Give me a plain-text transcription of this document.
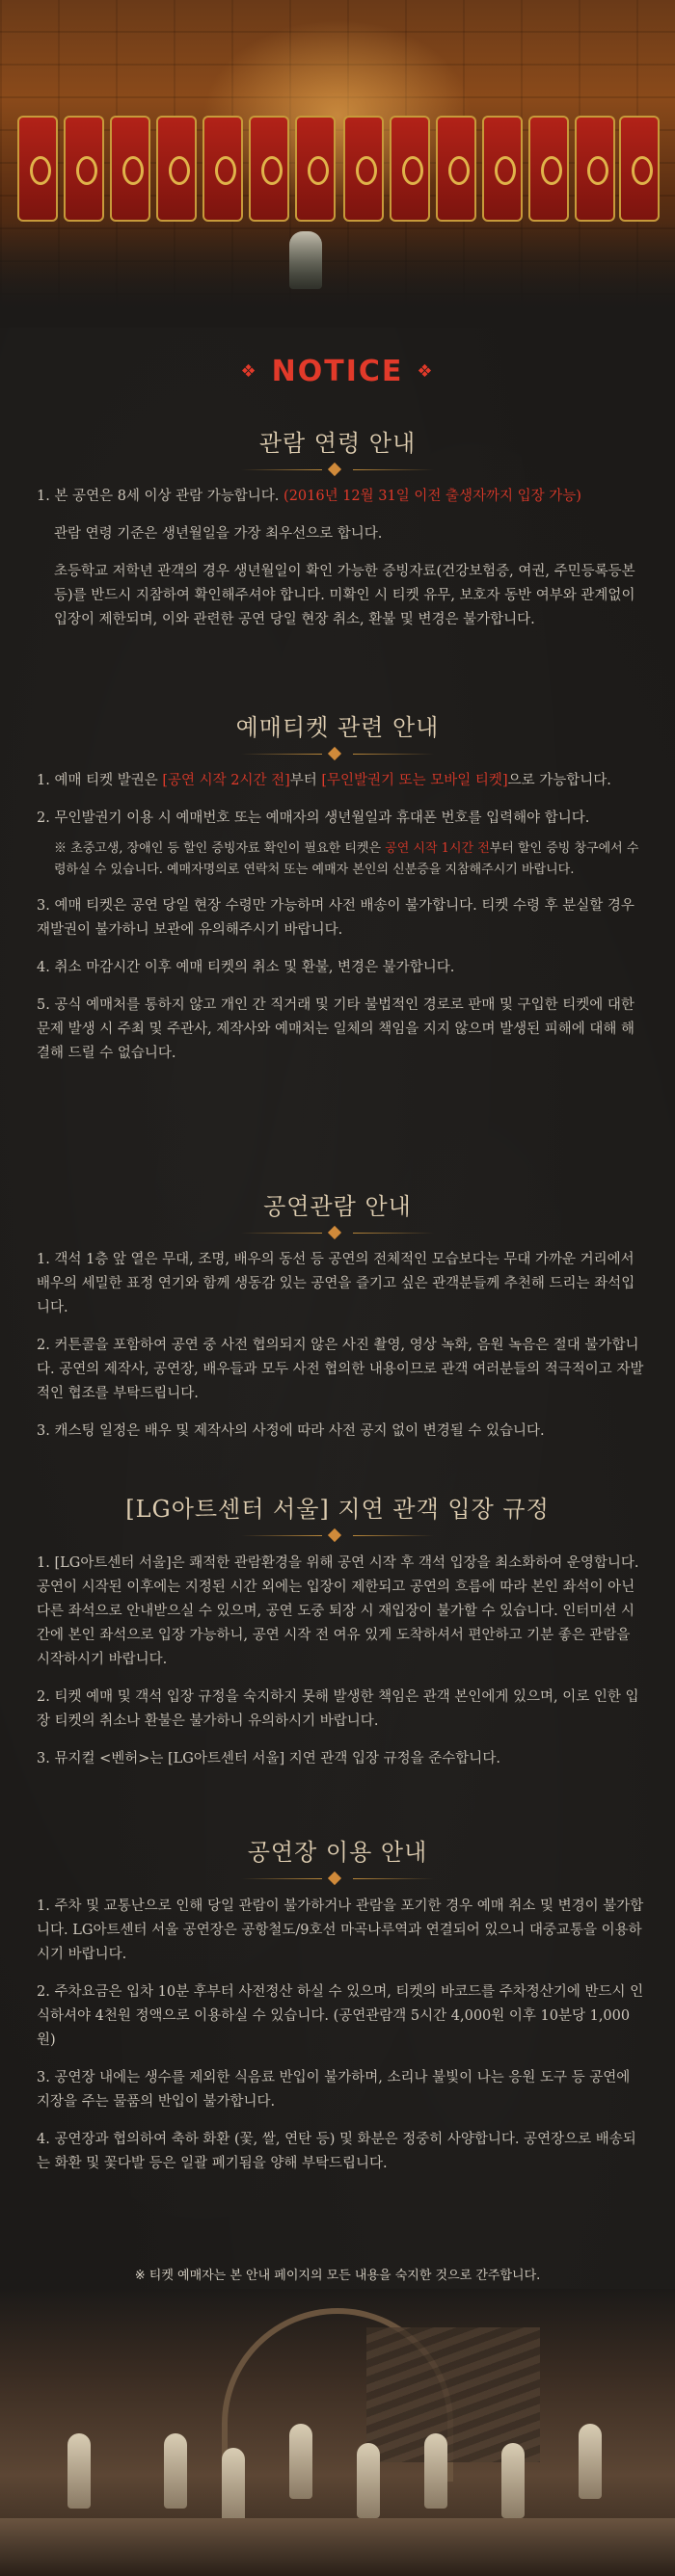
❖ NOTICE ❖
관람 연령 안내

1. 본 공연은 8세 이상 관람 가능합니다. (2016년 12월 31일 이전 출생자까지 입장 가능)

관람 연령 기준은 생년월일을 가장 최우선으로 합니다.

초등학교 저학년 관객의 경우 생년월일이 확인 가능한 증빙자료(건강보험증, 여권, 주민등록등본 등)를 반드시 지참하여 확인해주셔야 합니다. 미확인 시 티켓 유무, 보호자 동반 여부와 관계없이 입장이 제한되며, 이와 관련한 공연 당일 현장 취소, 환불 및 변경은 불가합니다.

예매티켓 관련 안내

1. 예매 티켓 발권은 [공연 시작 2시간 전]부터 [무인발권기 또는 모바일 티켓]으로 가능합니다.

2. 무인발권기 이용 시 예매번호 또는 예매자의 생년월일과 휴대폰 번호를 입력해야 합니다.

※ 초중고생, 장애인 등 할인 증빙자료 확인이 필요한 티켓은 공연 시작 1시간 전부터 할인 증빙 창구에서 수령하실 수 있습니다. 예매자명의로 연락처 또는 예매자 본인의 신분증을 지참해주시기 바랍니다.

3. 예매 티켓은 공연 당일 현장 수령만 가능하며 사전 배송이 불가합니다. 티켓 수령 후 분실할 경우 재발권이 불가하니 보관에 유의해주시기 바랍니다.

4. 취소 마감시간 이후 예매 티켓의 취소 및 환불, 변경은 불가합니다.

5. 공식 예매처를 통하지 않고 개인 간 직거래 및 기타 불법적인 경로로 판매 및 구입한 티켓에 대한 문제 발생 시 주최 및 주관사, 제작사와 예매처는 일체의 책임을 지지 않으며 발생된 피해에 대해 해결해 드릴 수 없습니다.

공연관람 안내

1. 객석 1층 앞 열은 무대, 조명, 배우의 동선 등 공연의 전체적인 모습보다는 무대 가까운 거리에서 배우의 세밀한 표정 연기와 함께 생동감 있는 공연을 즐기고 싶은 관객분들께 추천해 드리는 좌석입니다.

2. 커튼콜을 포함하여 공연 중 사전 협의되지 않은 사진 촬영, 영상 녹화, 음원 녹음은 절대 불가합니다. 공연의 제작사, 공연장, 배우들과 모두 사전 협의한 내용이므로 관객 여러분들의 적극적이고 자발적인 협조를 부탁드립니다.

3. 캐스팅 일정은 배우 및 제작사의 사정에 따라 사전 공지 없이 변경될 수 있습니다.

[LG아트센터 서울] 지연 관객 입장 규정

1. [LG아트센터 서울]은 쾌적한 관람환경을 위해 공연 시작 후 객석 입장을 최소화하여 운영합니다. 공연이 시작된 이후에는 지정된 시간 외에는 입장이 제한되고 공연의 흐름에 따라 본인 좌석이 아닌 다른 좌석으로 안내받으실 수 있으며, 공연 도중 퇴장 시 재입장이 불가할 수 있습니다. 인터미션 시간에 본인 좌석으로 입장 가능하니, 공연 시작 전 여유 있게 도착하셔서 편안하고 기분 좋은 관람을 시작하시기 바랍니다.

2. 티켓 예매 및 객석 입장 규정을 숙지하지 못해 발생한 책임은 관객 본인에게 있으며, 이로 인한 입장 티켓의 취소나 환불은 불가하니 유의하시기 바랍니다.

3. 뮤지컬 <벤허>는 [LG아트센터 서울] 지연 관객 입장 규정을 준수합니다.

공연장 이용 안내

1. 주차 및 교통난으로 인해 당일 관람이 불가하거나 관람을 포기한 경우 예매 취소 및 변경이 불가합니다. LG아트센터 서울 공연장은 공항철도/9호선 마곡나루역과 연결되어 있으니 대중교통을 이용하시기 바랍니다.

2. 주차요금은 입차 10분 후부터 사전정산 하실 수 있으며, 티켓의 바코드를 주차정산기에 반드시 인식하셔야 4천원 정액으로 이용하실 수 있습니다. (공연관람객 5시간 4,000원 이후 10분당 1,000원)

3. 공연장 내에는 생수를 제외한 식음료 반입이 불가하며, 소리나 불빛이 나는 응원 도구 등 공연에 지장을 주는 물품의 반입이 불가합니다.

4. 공연장과 협의하여 축하 화환 (꽃, 쌀, 연탄 등) 및 화분은 정중히 사양합니다. 공연장으로 배송되는 화환 및 꽃다발 등은 일괄 폐기됨을 양해 부탁드립니다.

※ 티켓 예매자는 본 안내 페이지의 모든 내용을 숙지한 것으로 간주합니다.
